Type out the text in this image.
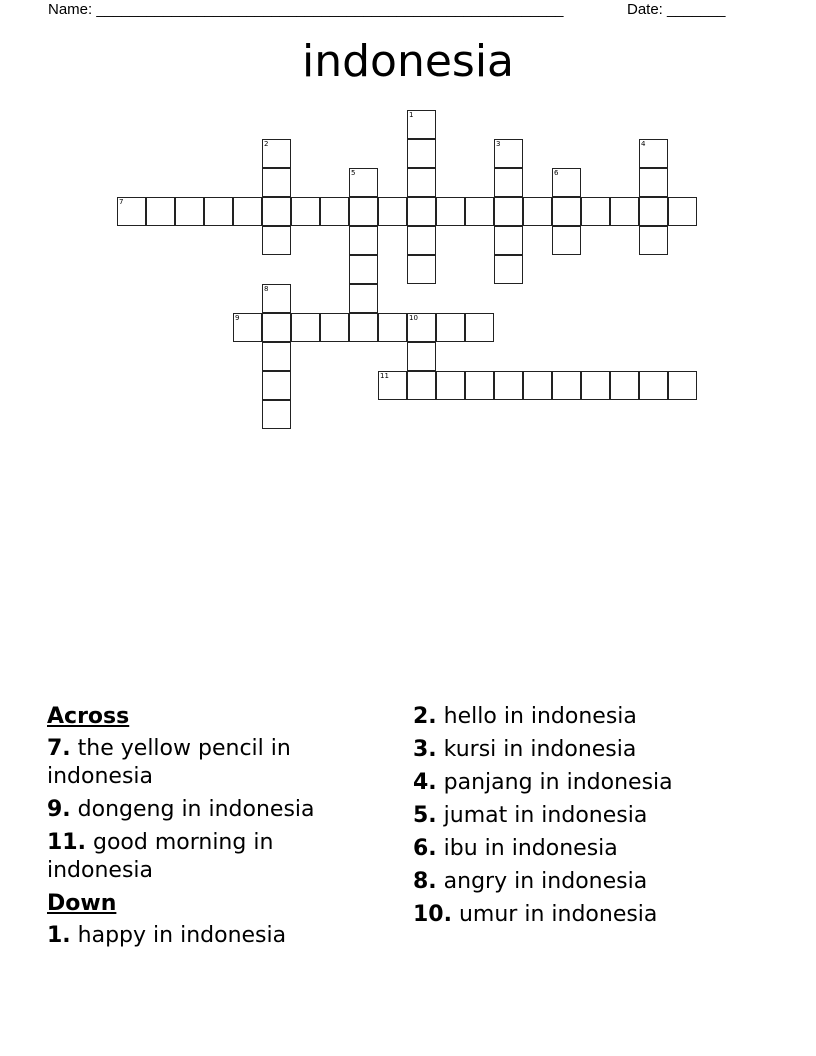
Name: ________________________________________________________	Date: _______
indonesia
1
2	3	4
5	6
7
8
9	10
11
Across
7. the yellow pencil in indonesia
9. dongeng in indonesia
11. good morning in indonesia
Down
1. happy in indonesia
2. hello in indonesia
3. kursi in indonesia
4. panjang in indonesia
5. jumat in indonesia
6. ibu in indonesia
8. angry in indonesia
10. umur in indonesia
